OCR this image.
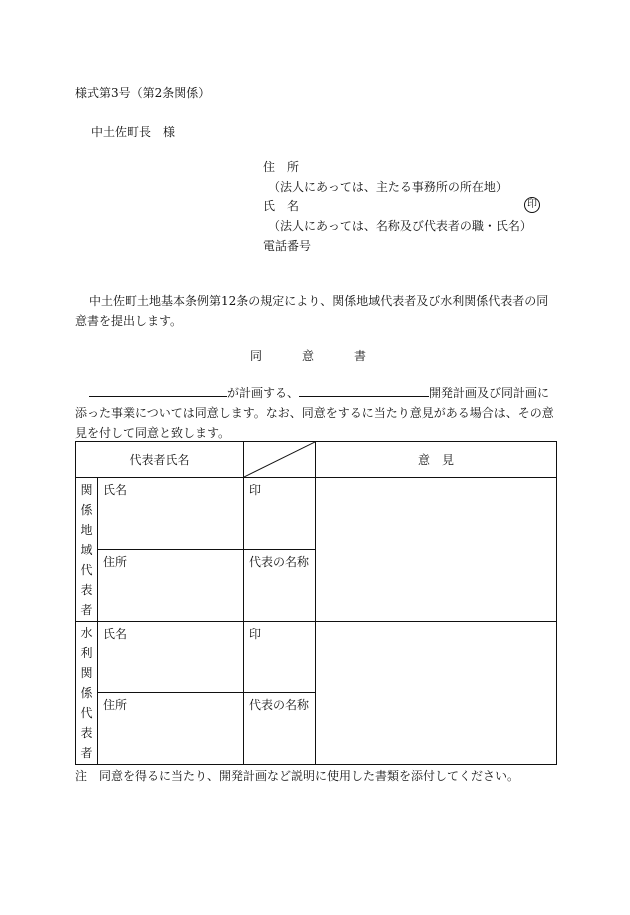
様式第3号（第2条関係）
中土佐町長　様
住　所
（法人にあっては、主たる事務所の所在地）
氏　名	印
（法人にあっては、名称及び代表者の職・氏名）
電話番号
中土佐町土地基本条例第12条の規定により、関係地域代表者及び水利関係代表者の同意書を提出します。
同　意　書
が計画する、	開発計画及び同計画に添った事業については同意します。なお、同意をするに当たり意見がある場合は、その意見を付して同意と致します。
代表者氏名			意　見

関係地域代表者	氏名	印	

	住所	代表の名称	

水利関係代表者	氏名	印	

	住所	代表の名称	
注　同意を得るに当たり、開発計画など説明に使用した書類を添付してください。
